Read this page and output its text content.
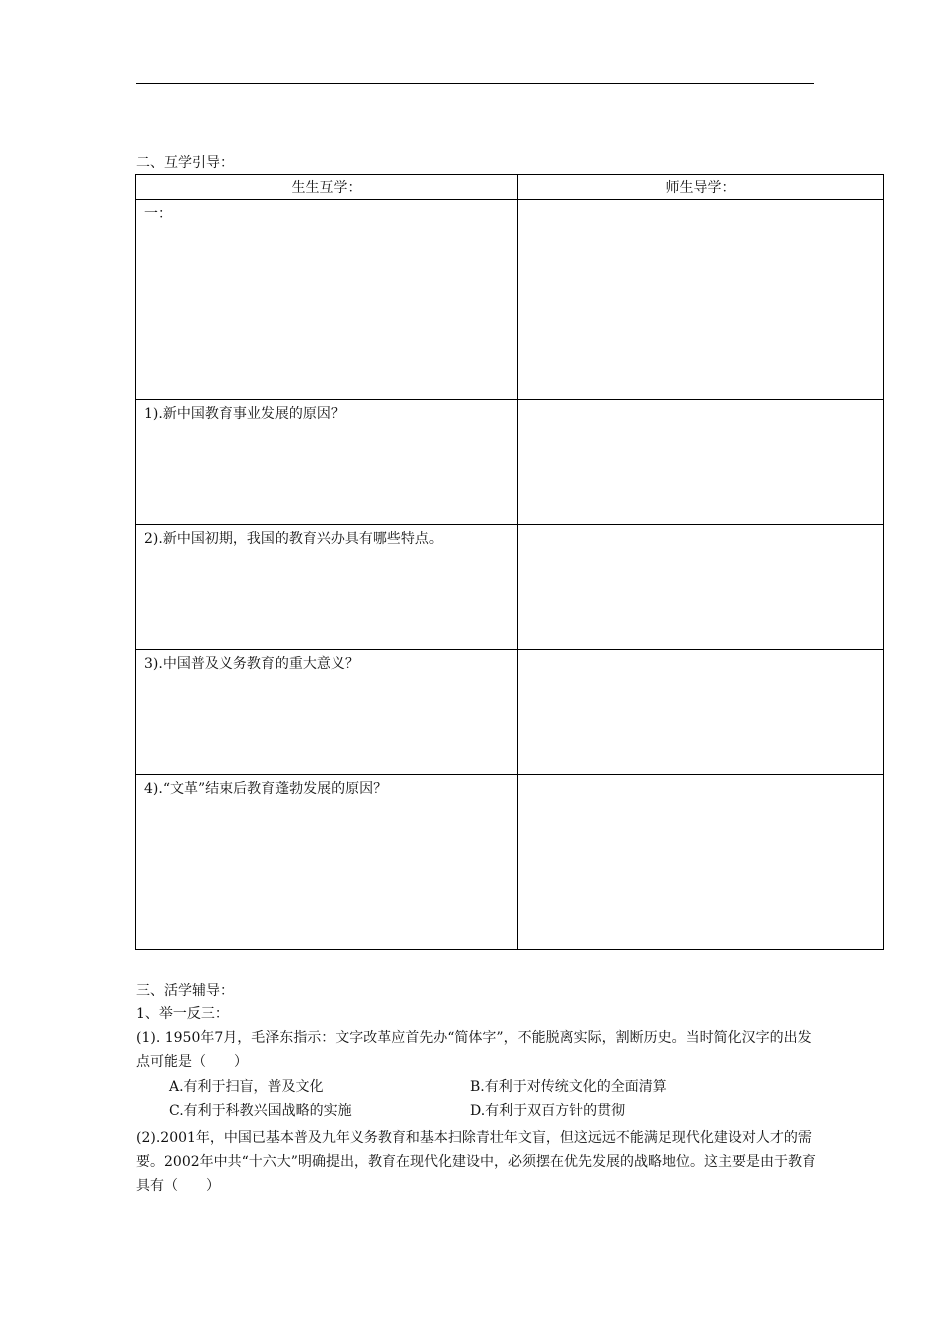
二、互学引导：
生生互学：	师生导学：

一：	

1).新中国教育事业发展的原因？	

2).新中国初期，我国的教育兴办具有哪些特点。	

3).中国普及义务教育的重大意义？	

4).“文革”结束后教育蓬勃发展的原因？	

三、活学辅导：
1、举一反三：
(1). 1950年7月，毛泽东指示：文字改革应首先办“简体字”，不能脱离实际，割断历史。当时简化汉字的出发点可能是（　　）
A.有利于扫盲，普及文化	B.有利于对传统文化的全面清算
C.有利于科教兴国战略的实施	D.有利于双百方针的贯彻
(2).2001年，中国已基本普及九年义务教育和基本扫除青壮年文盲，但这远远不能满足现代化建设对人才的需要。2002年中共“十六大”明确提出，教育在现代化建设中，必须摆在优先发展的战略地位。这主要是由于教育具有（　　）
